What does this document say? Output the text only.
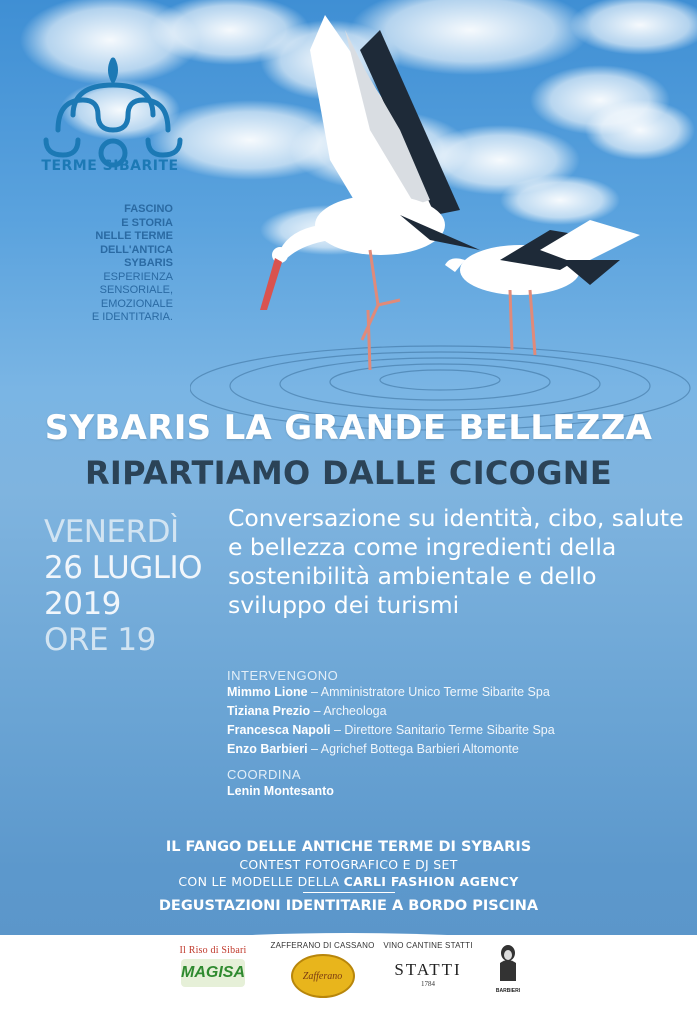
TERME SIBARITE
FASCINO
E STORIA
NELLE TERME
DELL'ANTICA
SYBARIS
ESPERIENZA
SENSORIALE,
EMOZIONALE
E IDENTITARIA.
SYBARIS LA GRANDE BELLEZZA
RIPARTIAMO DALLE CICOGNE
VENERDÌ
26 LUGLIO
2019
ORE 19
Conversazione su identità, cibo, salute e bellezza come ingredienti della sostenibilità ambientale e dello sviluppo dei turismi
INTERVENGONO
Mimmo Lione – Amministratore Unico Terme Sibarite Spa
Tiziana Prezio – Archeologa
Francesca Napoli – Direttore Sanitario Terme Sibarite Spa
Enzo Barbieri – Agrichef Bottega Barbieri Altomonte
COORDINA
Lenin Montesanto
IL FANGO DELLE ANTICHE TERME DI SYBARIS
CONTEST FOTOGRAFICO E DJ SET
CON LE MODELLE DELLA CARLI FASHION AGENCY
DEGUSTAZIONI IDENTITARIE A BORDO PISCINA
Il Riso di Sibari
MAGISA
ZAFFERANO DI CASSANO
Zafferano
VINO CANTINE STATTI
STATTI
1784
BARBIERI
